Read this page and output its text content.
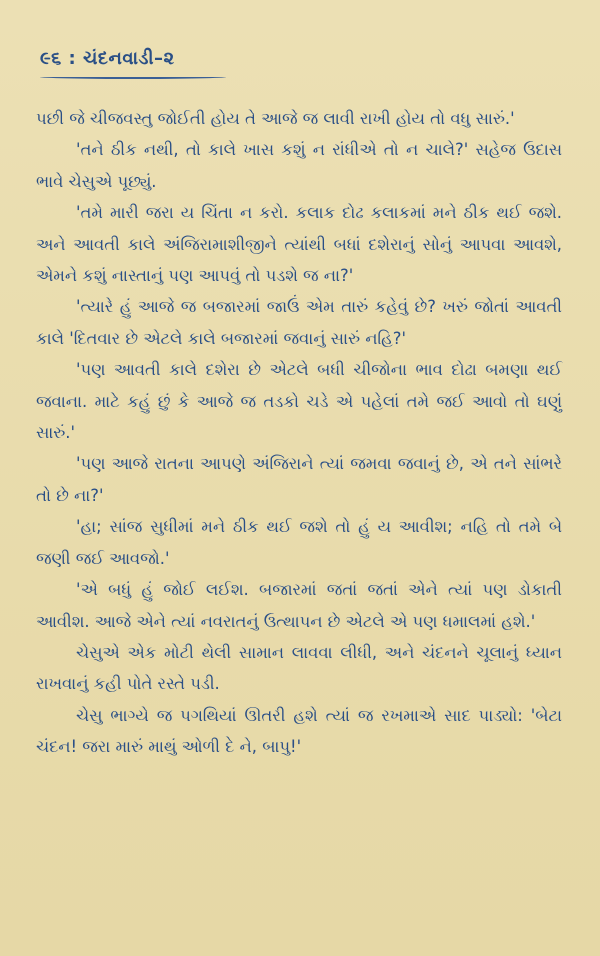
૯૬ : ચંદનવાડી–૨

પછી જે ચીજવસ્તુ જોઈતી હોય તે આજે જ લાવી રાખી હોય તો વધુ સારું.'

'તને ઠીક નથી, તો કાલે ખાસ કશું ન રાંધીએ તો ન ચાલે?' સહેજ ઉદાસ ભાવે ચેસુએ પૂછ્યું.

'તમે મારી જરા ય ચિંતા ન કરો. કલાક દોઢ કલાકમાં મને ઠીક થઈ જશે. અને આવતી કાલે અંજિરામાશીજીને ત્યાંથી બધાં દશેરાનું સોનું આપવા આવશે, એમને કશું નાસ્તાનું પણ આપવું તો પડશે જ ના?'

'ત્યારે હું આજે જ બજારમાં જાઉં એમ તારું કહેવું છે? ખરું જોતાં આવતી કાલે 'દિતવાર છે એટલે કાલે બજારમાં જવાનું સારું નહિ?'

'પણ આવતી કાલે દશેરા છે એટલે બધી ચીજોના ભાવ દોઢા બમણા થઈ જવાના. માટે કહું છું કે આજે જ તડકો ચડે એ પહેલાં તમે જઈ આવો તો ઘણું સારું.'

'પણ આજે રાતના આપણે અંજિરાને ત્યાં જમવા જવાનું છે, એ તને સાંભરે તો છે ના?'

'હા; સાંજ સુધીમાં મને ઠીક થઈ જશે તો હું ય આવીશ; નહિ તો તમે બે જણી જઈ આવજો.'

'એ બધું હું જોઈ લઈશ. બજારમાં જતાં જતાં એને ત્યાં પણ ડોકાતી આવીશ. આજે એને ત્યાં નવરાતનું ઉત્થાપન છે એટલે એ પણ ધમાલમાં હશે.'

ચેસુએ એક મોટી થેલી સામાન લાવવા લીધી, અને ચંદનને ચૂલાનું ધ્યાન રાખવાનું કહી પોતે રસ્તે પડી.

ચેસુ ભાગ્યે જ પગથિયાં ઊતરી હશે ત્યાં જ રખમાએ સાદ પાડ્યો: 'બેટા ચંદન! જરા મારું માથું ઓળી દે ને, બાપુ!'
